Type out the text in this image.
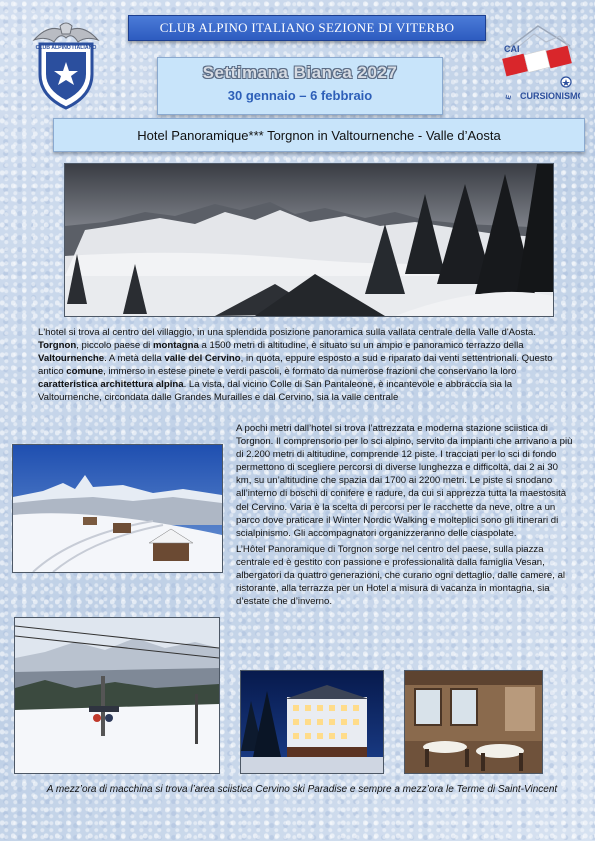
CLUB ALPINO ITALIANO	CAI
E CURSIONISMO
CLUB ALPINO ITALIANO SEZIONE DI VITERBO
Settimana Bianca 2027
30 gennaio – 6 febbraio
Hotel Panoramique*** Torgnon in Valtournenche - Valle d’Aosta
L'hotel si trova al centro del villaggio, in una splendida posizione panoramica sulla vallata centrale della Valle d'Aosta. Torgnon, piccolo paese di montagna a 1500 metri di altitudine, è situato su un ampio e panoramico terrazzo della Valtournenche. A metà della valle del Cervino, in quota, eppure esposto a sud e riparato dai venti settentrionali. Questo antico comune, immerso in estese pinete e verdi pascoli, è formato da numerose frazioni che conservano la loro caratteristica architettura alpina. La vista, dal vicino Colle di San Pantaleone, è incantevole e abbraccia sia la Valtournenche, circondata dalle Grandes Murailles e dal Cervino, sia la valle centrale

A pochi metri dall’hotel si trova l’attrezzata e moderna stazione sciistica di Torgnon. Il comprensorio per lo sci alpino, servito da impianti che arrivano a più di 2.200 metri di altitudine, comprende 12 piste. I tracciati per lo sci di fondo permettono di scegliere percorsi di diverse lunghezza e difficoltà, dai 2 ai 30 km, su un’altitudine che spazia dai 1700 ai 2200 metri. Le piste si snodano all’interno di boschi di conifere e radure, da cui si apprezza tutta la maestosità del Cervino. Varia è la scelta di percorsi per le racchette da neve, oltre a un parco dove praticare il Winter Nordic Walking e molteplici sono gli itinerari di scialpinismo. Gli accompagnatori organizzeranno delle ciaspolate.

L’Hôtel Panoramique di Torgnon sorge nel centro del paese, sulla piazza centrale ed è gestito con passione e professionalità dalla famiglia Vesan, albergatori da quattro generazioni, che curano ogni dettaglio, dalle camere, al ristorante, alla terrazza per un Hotel a misura di vacanza in montagna, sia d’estate che d’inverno.

A mezz’ora di macchina si trova l’area sciistica Cervino ski Paradise e sempre a mezz’ora le Terme di Saint-Vincent
